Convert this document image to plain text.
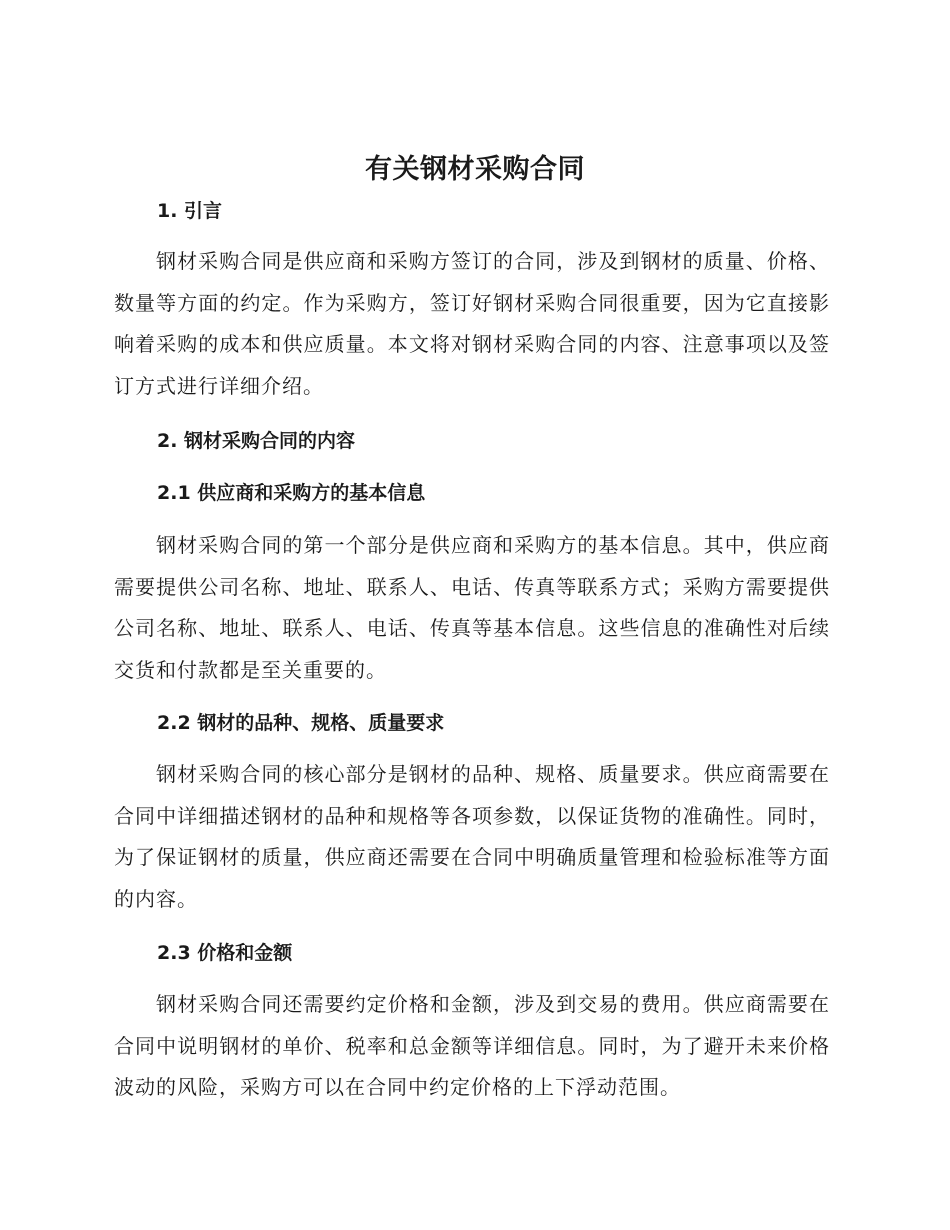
有关钢材采购合同
1. 引言

钢材采购合同是供应商和采购方签订的合同，涉及到钢材的质量、价格、数量等方面的约定。作为采购方，签订好钢材采购合同很重要，因为它直接影响着采购的成本和供应质量。本文将对钢材采购合同的内容、注意事项以及签订方式进行详细介绍。

2. 钢材采购合同的内容
2.1 供应商和采购方的基本信息

钢材采购合同的第一个部分是供应商和采购方的基本信息。其中，供应商需要提供公司名称、地址、联系人、电话、传真等联系方式；采购方需要提供公司名称、地址、联系人、电话、传真等基本信息。这些信息的准确性对后续交货和付款都是至关重要的。

2.2 钢材的品种、规格、质量要求

钢材采购合同的核心部分是钢材的品种、规格、质量要求。供应商需要在合同中详细描述钢材的品种和规格等各项参数，以保证货物的准确性。同时，为了保证钢材的质量，供应商还需要在合同中明确质量管理和检验标准等方面的内容。

2.3 价格和金额

钢材采购合同还需要约定价格和金额，涉及到交易的费用。供应商需要在合同中说明钢材的单价、税率和总金额等详细信息。同时，为了避开未来价格波动的风险，采购方可以在合同中约定价格的上下浮动范围。
